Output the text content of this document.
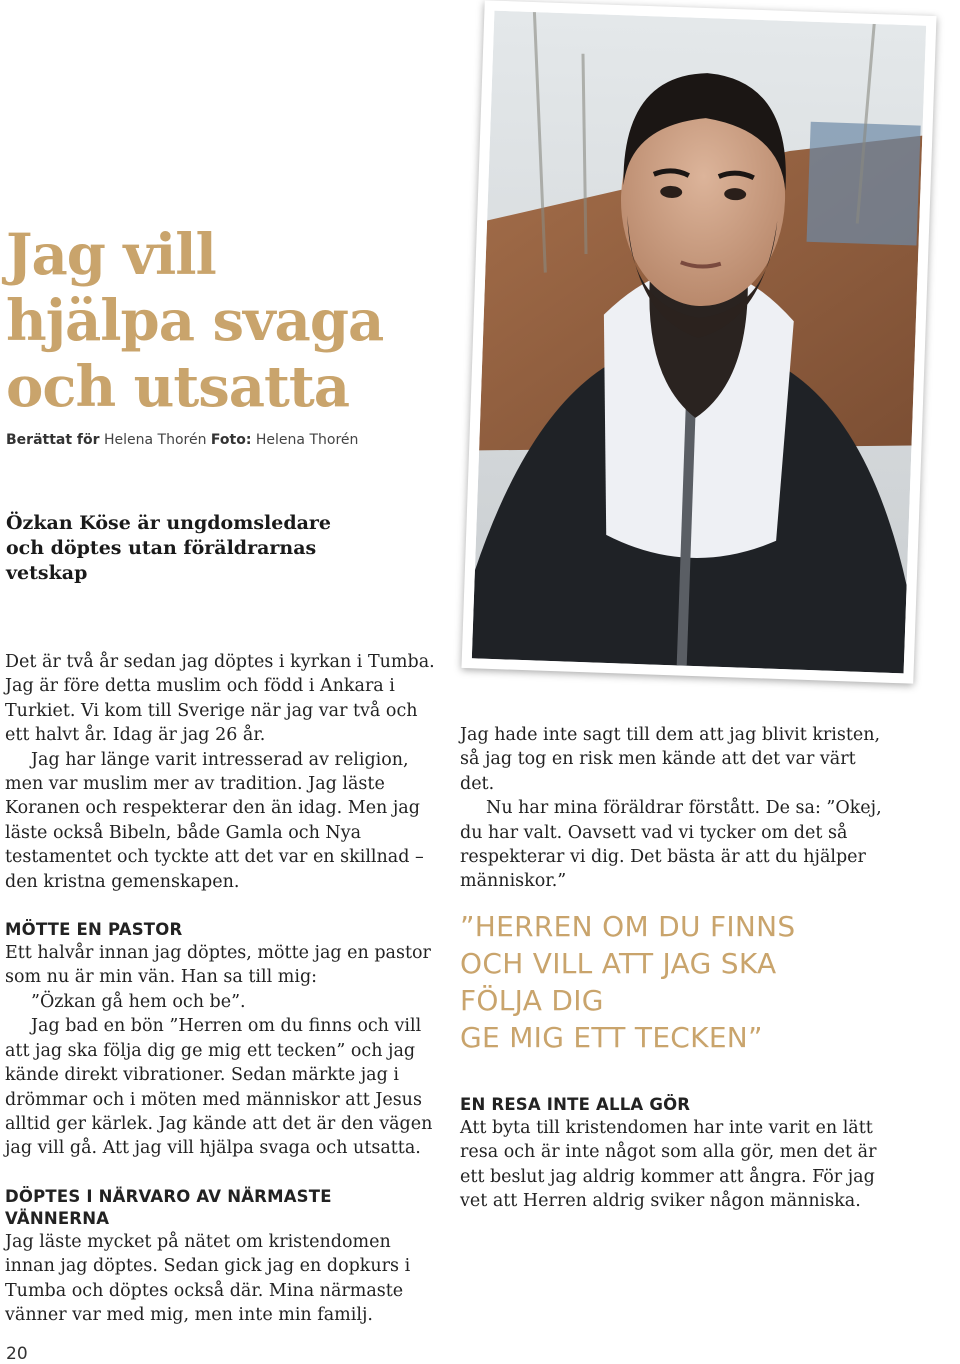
Jag vill
hjälpa svaga
och utsatta
Berättat för Helena Thorén Foto: Helena Thorén
Özkan Köse är ungdomsledare
och döptes utan föräldrarnas
vetskap

Det är två år sedan jag döptes i kyrkan i Tumba. Jag är före detta muslim och född i Ankara i Turkiet. Vi kom till Sverige när jag var två och ett halvt år. Idag är jag 26 år.

Jag har länge varit intresserad av religion, men var muslim mer av tradition. Jag läste Koranen och respekterar den än idag. Men jag läste också Bibeln, både Gamla och Nya testamentet och tyckte att det var en skillnad – den kristna gemenskapen.

MÖTTE EN PASTOR

Ett halvår innan jag döptes, mötte jag en pastor som nu är min vän. Han sa till mig:

”Özkan gå hem och be”.

Jag bad en bön ”Herren om du finns och vill att jag ska följa dig ge mig ett tecken” och jag kände direkt vibrationer. Sedan märkte jag i drömmar och i möten med människor att Jesus alltid ger kärlek. Jag kände att det är den vägen jag vill gå. Att jag vill hjälpa svaga och utsatta.

DÖPTES I NÄRVARO AV NÄRMASTE VÄNNERNA

Jag läste mycket på nätet om kristendomen innan jag döptes. Sedan gick jag en dopkurs i Tumba och döptes också där. Mina närmaste vänner var med mig, men inte min familj.

Jag hade inte sagt till dem att jag blivit kristen, så jag tog en risk men kände att det var värt det.

Nu har mina föräldrar förstått. De sa: ”Okej, du har valt. Oavsett vad vi tycker om det så respekterar vi dig. Det bästa är att du hjälper människor.”

”HERREN OM DU FINNS
OCH VILL ATT JAG SKA
FÖLJA DIG
GE MIG ETT TECKEN”
EN RESA INTE ALLA GÖR

Att byta till kristendomen har inte varit en lätt resa och är inte något som alla gör, men det är ett beslut jag aldrig kommer att ångra. För jag vet att Herren aldrig sviker någon människa.

20
